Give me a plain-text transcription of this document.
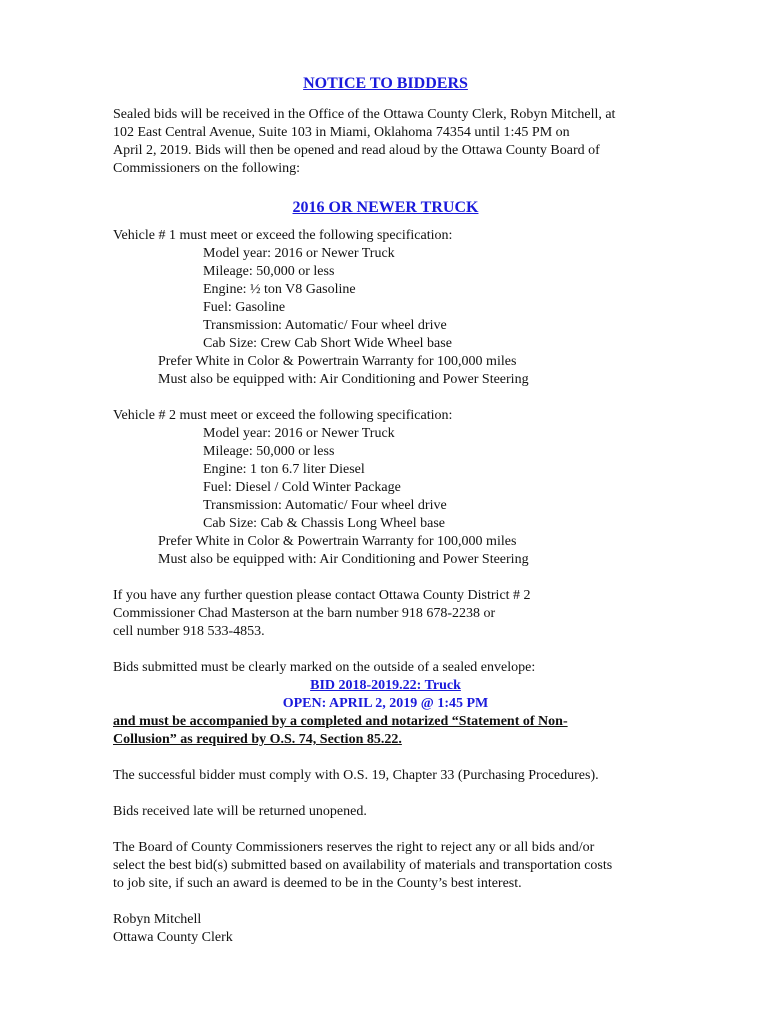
NOTICE TO BIDDERS

Sealed bids will be received in the Office of the Ottawa County Clerk, Robyn Mitchell, at

102 East Central Avenue, Suite 103 in Miami, Oklahoma 74354 until 1:45 PM on

April 2, 2019. Bids will then be opened and read aloud by the Ottawa County Board of

Commissioners on the following:

2016 OR NEWER TRUCK

Vehicle # 1 must meet or exceed the following specification:

Model year: 2016 or Newer Truck

Mileage: 50,000 or less

Engine: ½ ton V8 Gasoline

Fuel: Gasoline

Transmission: Automatic/ Four wheel drive

Cab Size: Crew Cab Short Wide Wheel base

Prefer White in Color & Powertrain Warranty for 100,000 miles

Must also be equipped with: Air Conditioning and Power Steering

Vehicle # 2 must meet or exceed the following specification:

Model year: 2016 or Newer Truck

Mileage: 50,000 or less

Engine: 1 ton 6.7 liter Diesel

Fuel: Diesel / Cold Winter Package

Transmission: Automatic/ Four wheel drive

Cab Size: Cab & Chassis Long Wheel base

Prefer White in Color & Powertrain Warranty for 100,000 miles

Must also be equipped with: Air Conditioning and Power Steering

If you have any further question please contact Ottawa County District # 2

Commissioner Chad Masterson at the barn number 918 678-2238 or

cell number 918 533-4853.

Bids submitted must be clearly marked on the outside of a sealed envelope:

BID 2018-2019.22: Truck

OPEN: APRIL 2, 2019 @ 1:45 PM

and must be accompanied by a completed and notarized “Statement of Non-

Collusion” as required by O.S. 74, Section 85.22.

The successful bidder must comply with O.S. 19, Chapter 33 (Purchasing Procedures).

Bids received late will be returned unopened.

The Board of County Commissioners reserves the right to reject any or all bids and/or

select the best bid(s) submitted based on availability of materials and transportation costs

to job site, if such an award is deemed to be in the County’s best interest.

Robyn Mitchell

Ottawa County Clerk
